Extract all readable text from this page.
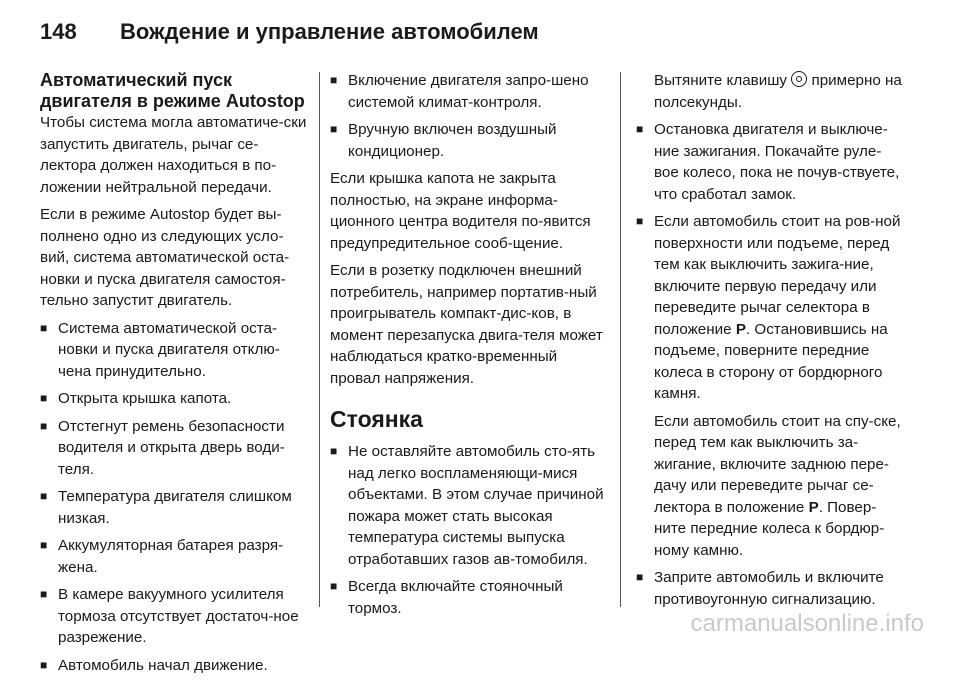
148	Вождение и управление автомобилем
Автоматический пуск двигателя в режиме Autostop

Чтобы система могла автоматиче-ски запустить двигатель, рычаг се-лектора должен находиться в по-ложении нейтральной передачи.

Если в режиме Autostop будет вы-полнено одно из следующих усло-вий, система автоматической оста-новки и пуска двигателя самостоя-тельно запустит двигатель.

■ Система автоматической оста-новки и пуска двигателя отклю-чена принудительно.
■ Открыта крышка капота.
■ Отстегнут ремень безопасности водителя и открыта дверь води-теля.
■ Температура двигателя слишком низкая.
■ Аккумуляторная батарея разря-жена.
■ В камере вакуумного усилителя тормоза отсутствует достаточ-ное разрежение.
■ Автомобиль начал движение.
■ Включение двигателя запро-шено системой климат-контроля.
■ Вручную включен воздушный кондиционер.

Если крышка капота не закрыта полностью, на экране информа-ционного центра водителя по-явится предупредительное сооб-щение.

Если в розетку подключен внешний потребитель, например портатив-ный проигрыватель компакт-дис-ков, в момент перезапуска двига-теля может наблюдаться кратко-временный провал напряжения.

Стоянка
■ Не оставляйте автомобиль сто-ять над легко воспламеняющи-мися объектами. В этом случае причиной пожара может стать высокая температура системы выпуска отработавших газов ав-томобиля.
■ Всегда включайте стояночный тормоз.

Вытяните клавишу примерно на полсекунды.

■ Остановка двигателя и выключе-ние зажигания. Покачайте руле-вое колесо, пока не почув-ствуете, что сработал замок.
■ Если автомобиль стоит на ров-ной поверхности или подъеме, перед тем как выключить зажига-ние, включите первую передачу или переведите рычаг селектора в положение P. Остановившись на подъеме, поверните передние колеса в сторону от бордюрного камня.

Если автомобиль стоит на спу-ске, перед тем как выключить за-жигание, включите заднюю пере-дачу или переведите рычаг се-лектора в положение P. Повер-ните передние колеса к бордюр-ному камню.

■ Заприте автомобиль и включите противоугонную сигнализацию.
carmanualsonline.info
